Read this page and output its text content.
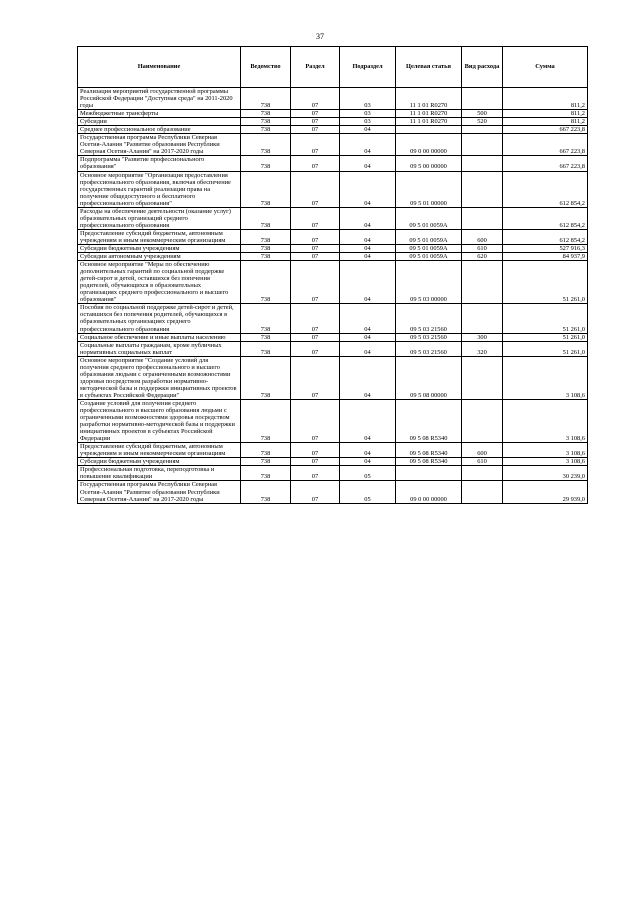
37
Наименование	Ведомство	Раздел	Подраздел	Целевая статья	Вид расхода	Сумма
Реализация мероприятий государственной программы Российской Федерации "Доступная среда" на 2011-2020 годы	738	07	03	11 1 01 R0270		811,2
Межбюджетные трансферты	738	07	03	11 1 01 R0270	500	811,2
Субсидии	738	07	03	11 1 01 R0270	520	811,2
Среднее профессиональное образование	738	07	04			667 223,8
Государственная программа Республики Северная Осетия-Алания "Развитие образования Республики Северная Осетия-Алания" на 2017-2020 годы	738	07	04	09 0 00 00000		667 223,8
Подпрограмма "Развитие профессионального образования"	738	07	04	09 5 00 00000		667 223,8
Основное мероприятие "Организация предоставления профессионального образования, включая обеспечение государственных гарантий реализации права на получение общедоступного и бесплатного профессионального образования"	738	07	04	09 5 01 00000		612 854,2
Расходы на обеспечение деятельности (оказание услуг) образовательных организаций среднего профессионального образования	738	07	04	09 5 01 0059A		612 854,2
Предоставление субсидий бюджетным, автономным учреждениям и иным некоммерческим организациям	738	07	04	09 5 01 0059A	600	612 854,2
Субсидии бюджетным учреждениям	738	07	04	09 5 01 0059A	610	527 916,3
Субсидии автономным учреждениям	738	07	04	09 5 01 0059A	620	84 937,9
Основное мероприятие "Меры по обеспечению дополнительных гарантий по социальной поддержке детей-сирот и детей, оставшихся без попечения родителей, обучающихся в образовательных организациях среднего профессионального и высшего образования"	738	07	04	09 5 03 00000		51 261,0
Пособия по социальной поддержке детей-сирот и детей, оставшихся без попечения родителей, обучающихся в образовательных организациях среднего профессионального образования	738	07	04	09 5 03 21560		51 261,0
Социальное обеспечение и иные выплаты населению	738	07	04	09 5 03 21560	300	51 261,0
Социальные выплаты гражданам, кроме публичных нормативных социальных выплат	738	07	04	09 5 03 21560	320	51 261,0
Основное мероприятие "Создание условий для получения среднего профессионального и высшего образования людьми с ограниченными возможностями здоровья посредством разработки нормативно-методической базы и поддержки инициативных проектов в субъектах Российской Федерации"	738	07	04	09 5 08 00000		3 108,6
Создание условий для получения среднего профессионального и высшего образования людьми с ограниченными возможностями здоровья посредством разработки нормативно-методической базы и поддержки инициативных проектов в субъектах Российской Федерации	738	07	04	09 5 08 R5340		3 108,6
Предоставление субсидий бюджетным, автономным учреждениям и иным некоммерческим организациям	738	07	04	09 5 08 R5340	600	3 108,6
Субсидии бюджетным учреждениям	738	07	04	09 5 08 R5340	610	3 108,6
Профессиональная подготовка, переподготовка и повышение квалификации	738	07	05			30 239,0
Государственная программа Республики Северная Осетия-Алания "Развитие образования Республики Северная Осетия-Алания" на 2017-2020 годы	738	07	05	09 0 00 00000		29 939,0
